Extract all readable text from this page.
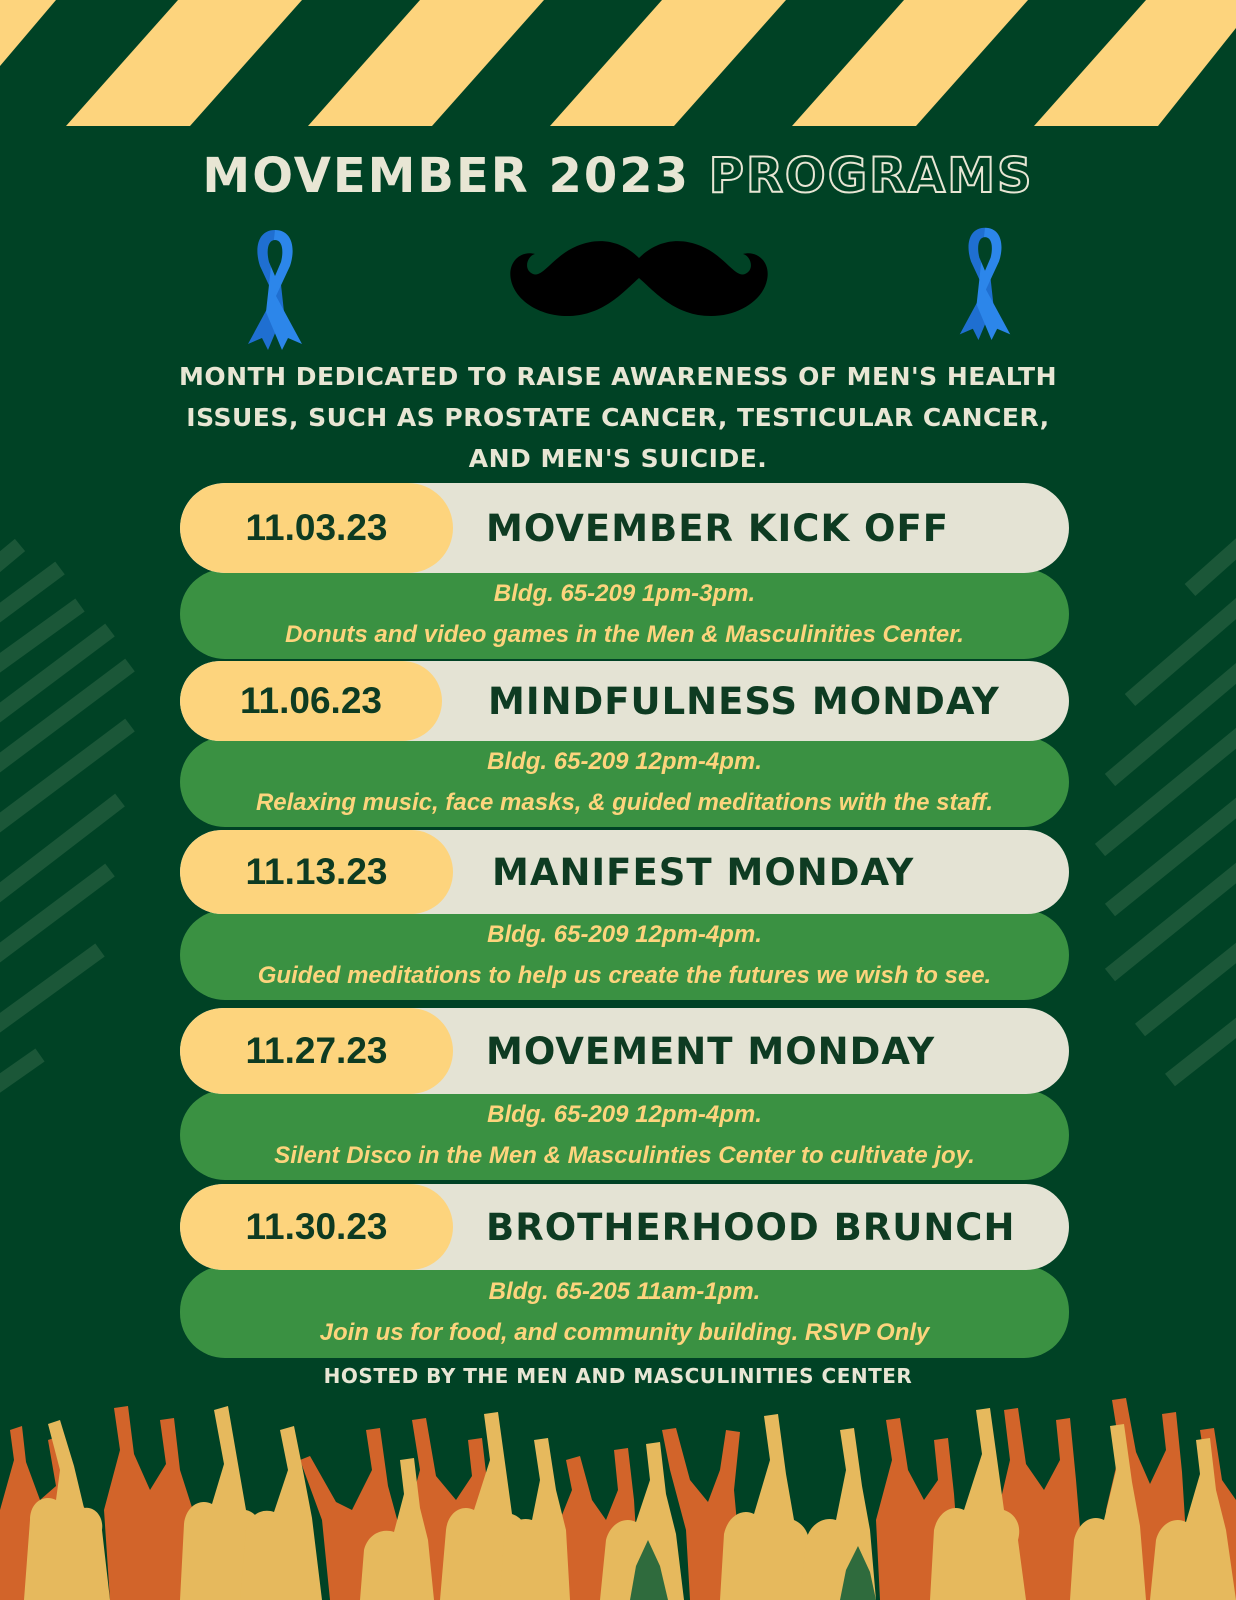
MOVEMBER 2023 PROGRAMS
MONTH DEDICATED TO RAISE AWARENESS OF MEN'S HEALTH
ISSUES, SUCH AS PROSTATE CANCER, TESTICULAR CANCER,
AND MEN'S SUICIDE.
11.03.23	MOVEMBER KICK OFF
Bldg. 65-209 1pm-3pm.
Donuts and video games in the Men & Masculinities Center.
11.06.23	MINDFULNESS MONDAY
Bldg. 65-209 12pm-4pm.
Relaxing music, face masks, & guided meditations with the staff.
11.13.23	MANIFEST MONDAY
Bldg. 65-209 12pm-4pm.
Guided meditations to help us create the futures we wish to see.
11.27.23	MOVEMENT MONDAY
Bldg. 65-209 12pm-4pm.
Silent Disco in the Men & Masculinties Center to cultivate joy.
11.30.23	BROTHERHOOD BRUNCH
Bldg. 65-205 11am-1pm.
Join us for food, and community building. RSVP Only
HOSTED BY THE MEN AND MASCULINITIES CENTER
